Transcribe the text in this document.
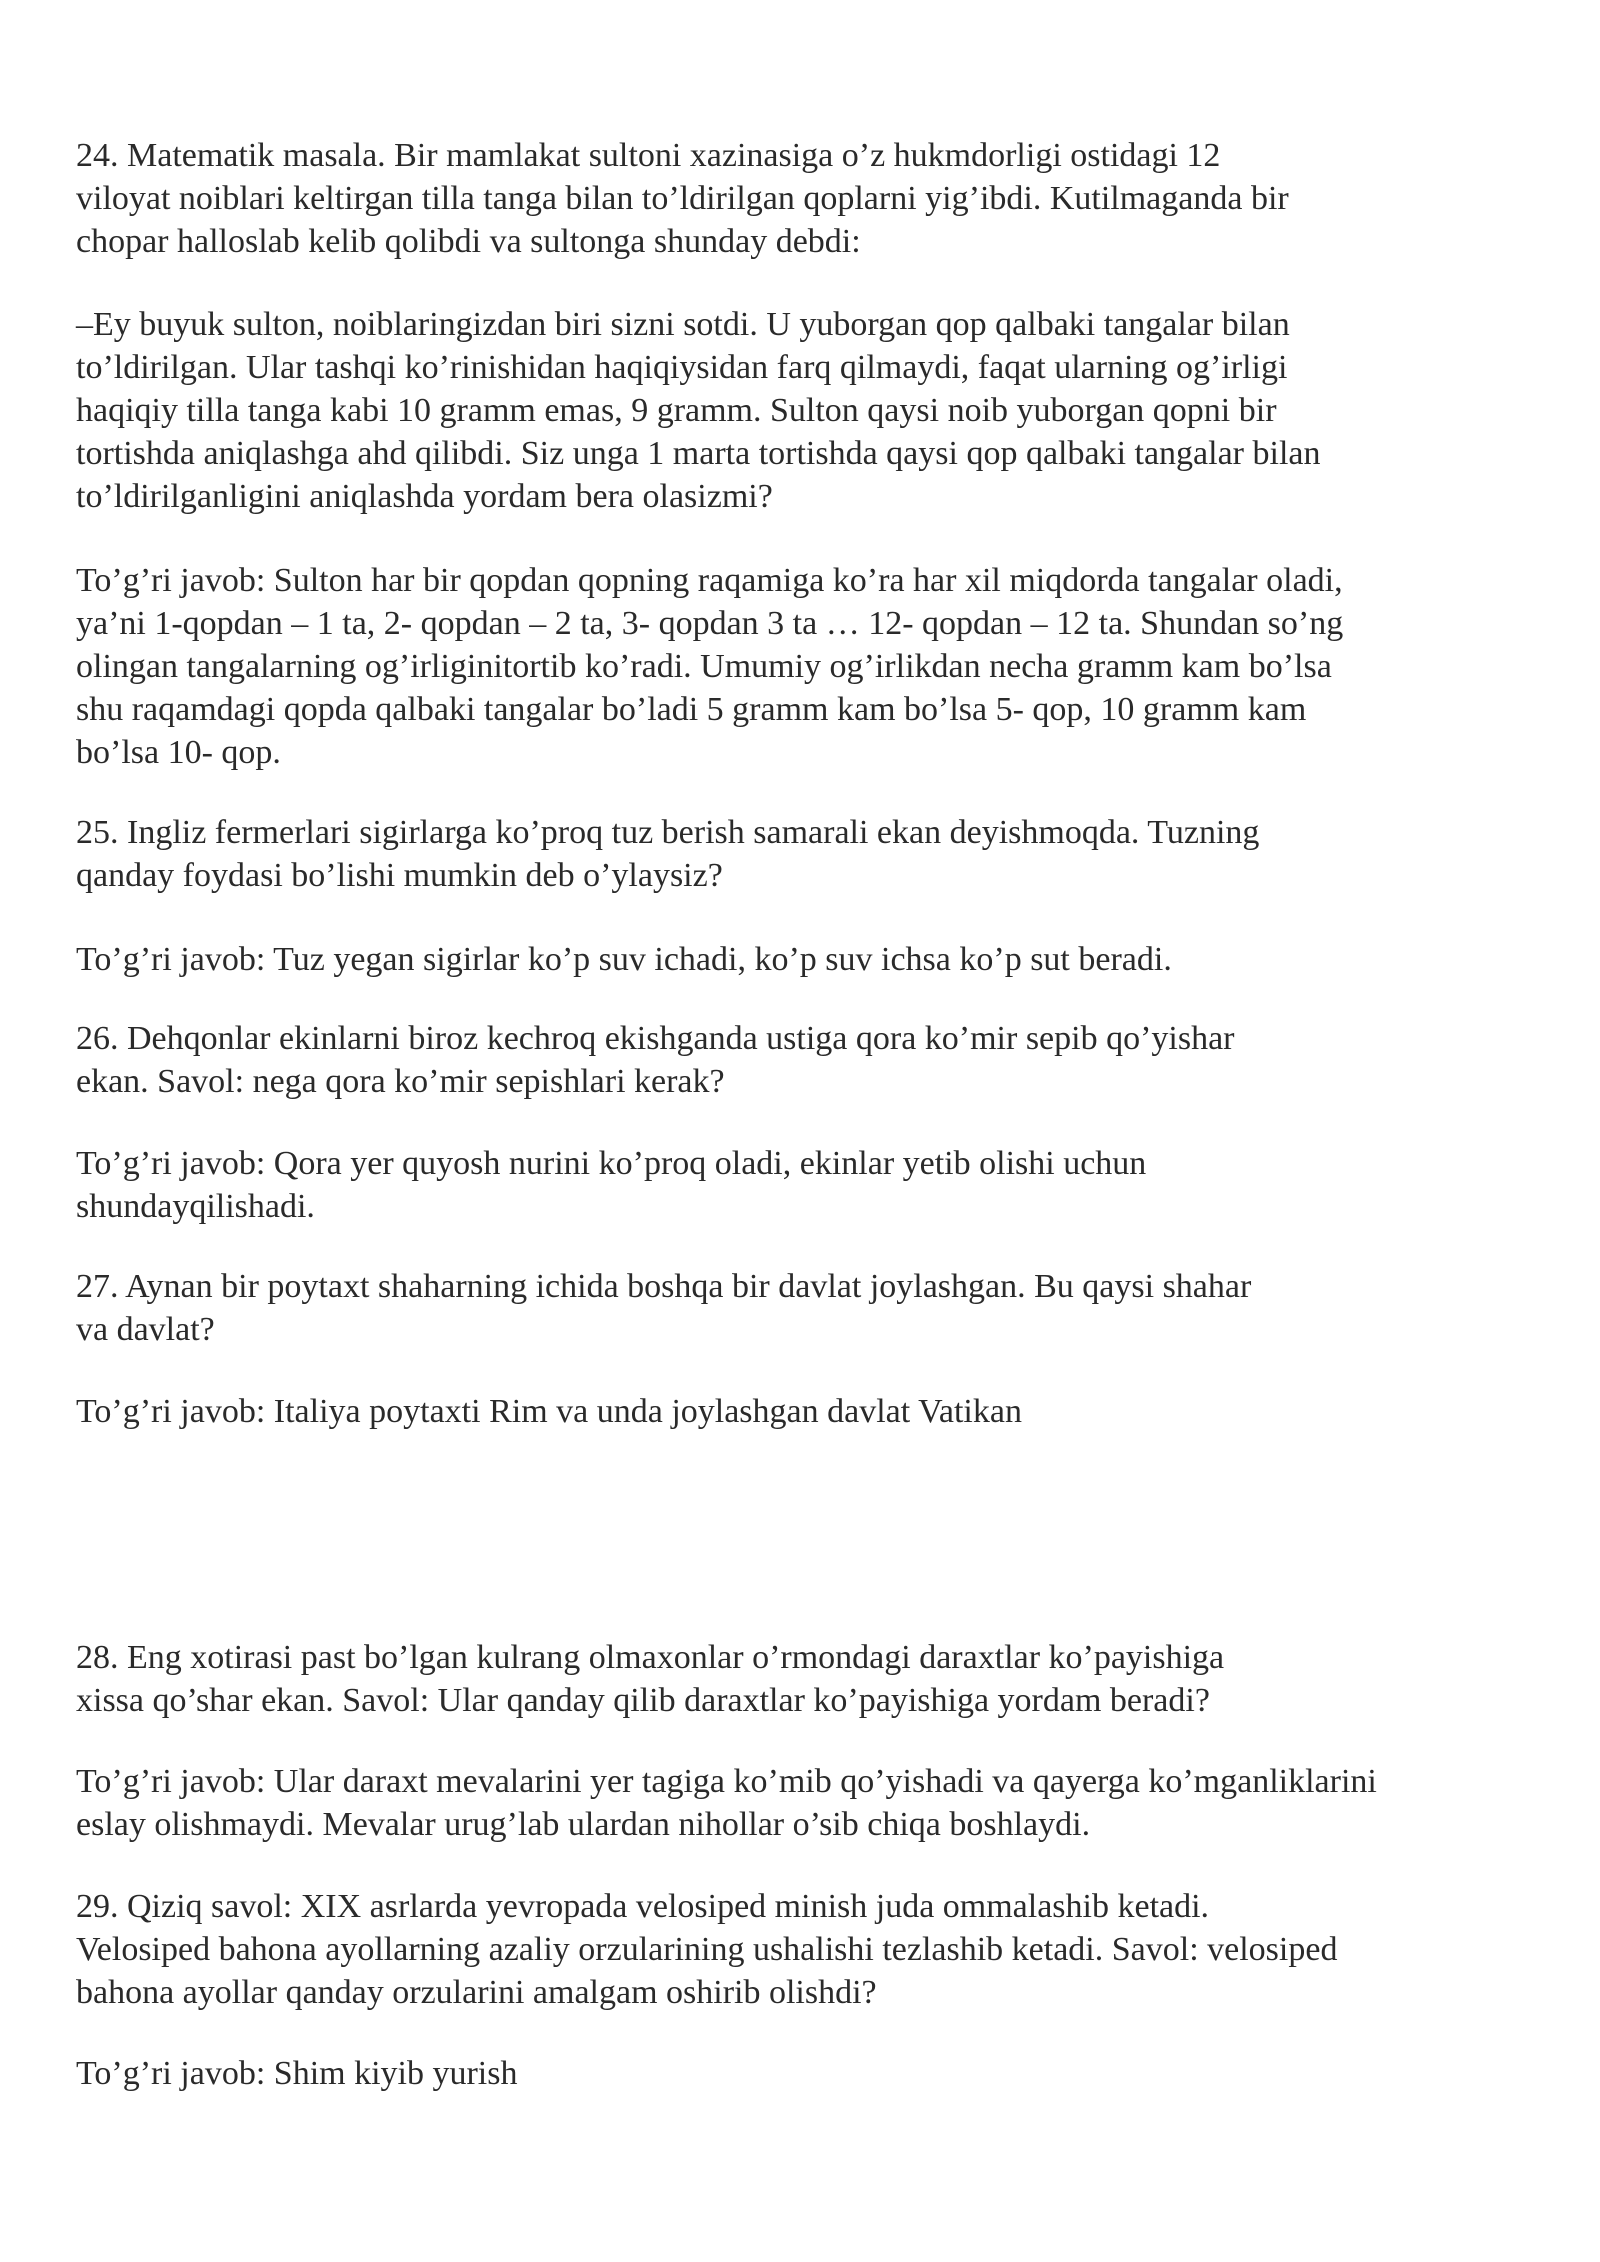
24. Matematik masala. Bir mamlakat sultoni xazinasiga o’z hukmdorligi ostidagi 12
viloyat noiblari keltirgan tilla tanga bilan to’ldirilgan qoplarni yig’ibdi. Kutilmaganda bir
chopar halloslab kelib qolibdi va sultonga shunday debdi:

–Ey buyuk sulton, noiblaringizdan biri sizni sotdi. U yuborgan qop qalbaki tangalar bilan
to’ldirilgan. Ular tashqi ko’rinishidan haqiqiysidan farq qilmaydi, faqat ularning og’irligi
haqiqiy tilla tanga kabi 10 gramm emas, 9 gramm. Sulton qaysi noib yuborgan qopni bir
tortishda aniqlashga ahd qilibdi. Siz unga 1 marta tortishda qaysi qop qalbaki tangalar bilan
to’ldirilganligini aniqlashda yordam bera olasizmi?

To’g’ri javob: Sulton har bir qopdan qopning raqamiga ko’ra har xil miqdorda tangalar oladi,
ya’ni 1-qopdan – 1 ta, 2- qopdan – 2 ta, 3- qopdan 3 ta … 12- qopdan – 12 ta. Shundan so’ng
olingan tangalarning og’irliginitortib ko’radi. Umumiy og’irlikdan necha gramm kam bo’lsa
shu raqamdagi qopda qalbaki tangalar bo’ladi 5 gramm kam bo’lsa 5- qop, 10 gramm kam
bo’lsa 10- qop.

25. Ingliz fermerlari sigirlarga ko’proq tuz berish samarali ekan deyishmoqda. Tuzning
qanday foydasi bo’lishi mumkin deb o’ylaysiz?

To’g’ri javob: Tuz yegan sigirlar ko’p suv ichadi, ko’p suv ichsa ko’p sut beradi.

26. Dehqonlar ekinlarni biroz kechroq ekishganda ustiga qora ko’mir sepib qo’yishar
ekan. Savol: nega qora ko’mir sepishlari kerak?

To’g’ri javob: Qora yer quyosh nurini ko’proq oladi, ekinlar yetib olishi uchun
shundayqilishadi.

27. Aynan bir poytaxt shaharning ichida boshqa bir davlat joylashgan. Bu qaysi shahar
va davlat?

To’g’ri javob: Italiya poytaxti Rim va unda joylashgan davlat Vatikan

28. Eng xotirasi past bo’lgan kulrang olmaxonlar o’rmondagi daraxtlar ko’payishiga
xissa qo’shar ekan. Savol: Ular qanday qilib daraxtlar ko’payishiga yordam beradi?

To’g’ri javob: Ular daraxt mevalarini yer tagiga ko’mib qo’yishadi va qayerga ko’mganliklarini
eslay olishmaydi. Mevalar urug’lab ulardan nihollar o’sib chiqa boshlaydi.

29. Qiziq savol: XIX asrlarda yevropada velosiped minish juda ommalashib ketadi.
Velosiped bahona ayollarning azaliy orzularining ushalishi tezlashib ketadi. Savol: velosiped
bahona ayollar qanday orzularini amalgam oshirib olishdi?

To’g’ri javob: Shim kiyib yurish
